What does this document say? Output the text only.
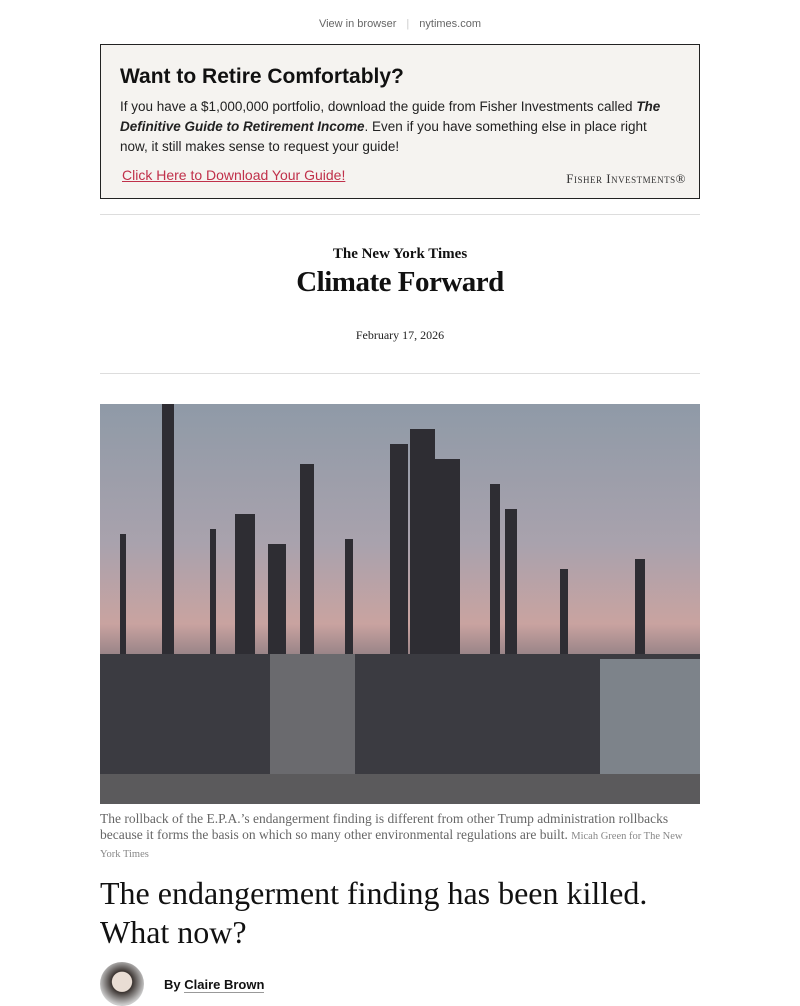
View in browser | nytimes.com
Want to Retire Comfortably?

If you have a $1,000,000 portfolio, download the guide from Fisher Investments called The Definitive Guide to Retirement Income. Even if you have something else in place right now, it still makes sense to request your guide!

Click Here to Download Your Guide!	Fisher Investments®
The New York Times
Climate Forward
February 17, 2026
The rollback of the E.P.A.’s endangerment finding is different from other Trump administration rollbacks because it forms the basis on which so many other environmental regulations are built. Micah Green for The New York Times
The endangerment finding has been killed. What now?
By Claire Brown
